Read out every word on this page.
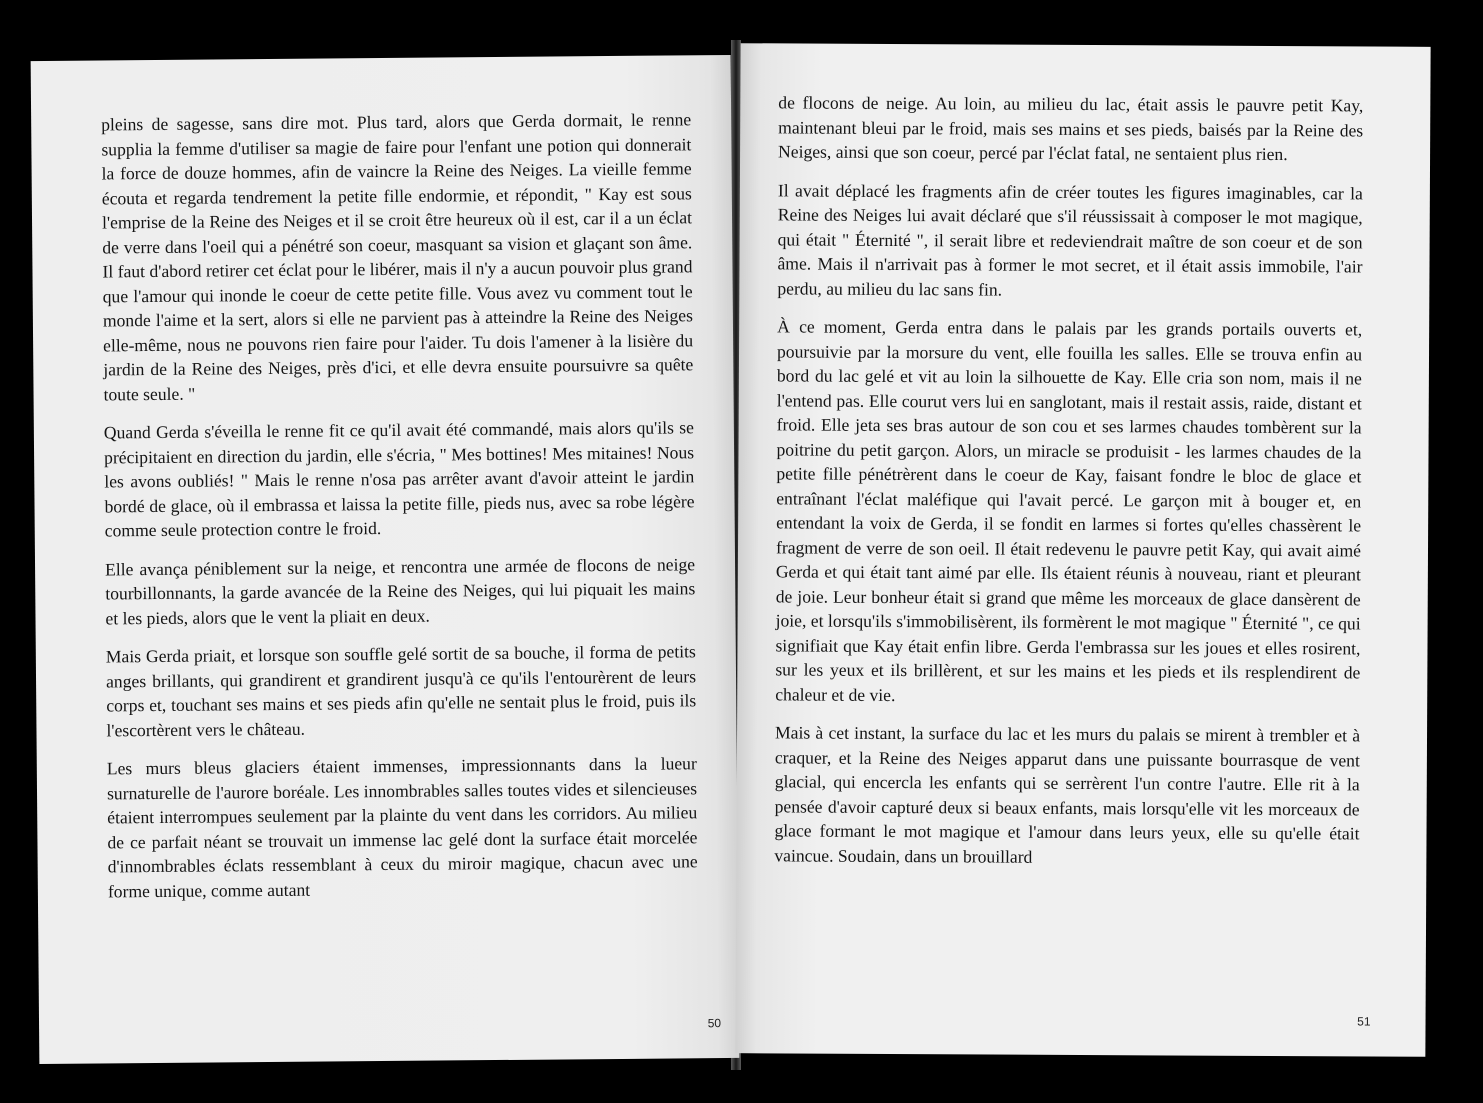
pleins de sagesse, sans dire mot. Plus tard, alors que Gerda dormait, le renne supplia la femme d'utiliser sa magie de faire pour l'enfant une potion qui donnerait la force de douze hommes, afin de vaincre la Reine des Neiges. La vieille femme écouta et regarda tendrement la petite fille endormie, et répondit, " Kay est sous l'emprise de la Reine des Neiges et il se croit être heureux où il est, car il a un éclat de verre dans l'oeil qui a pénétré son coeur, masquant sa vision et glaçant son âme. Il faut d'abord retirer cet éclat pour le libérer, mais il n'y a aucun pouvoir plus grand que l'amour qui inonde le coeur de cette petite fille. Vous avez vu comment tout le monde l'aime et la sert, alors si elle ne parvient pas à atteindre la Reine des Neiges elle-même, nous ne pouvons rien faire pour l'aider. Tu dois l'amener à la lisière du jardin de la Reine des Neiges, près d'ici, et elle devra ensuite poursuivre sa quête toute seule. "

Quand Gerda s'éveilla le renne fit ce qu'il avait été commandé, mais alors qu'ils se précipitaient en direction du jardin, elle s'écria, " Mes bottines! Mes mitaines! Nous les avons oubliés! " Mais le renne n'osa pas arrêter avant d'avoir atteint le jardin bordé de glace, où il embrassa et laissa la petite fille, pieds nus, avec sa robe légère comme seule protection contre le froid.

Elle avança péniblement sur la neige, et rencontra une armée de flocons de neige tourbillonnants, la garde avancée de la Reine des Neiges, qui lui piquait les mains et les pieds, alors que le vent la pliait en deux.

Mais Gerda priait, et lorsque son souffle gelé sortit de sa bouche, il forma de petits anges brillants, qui grandirent et grandirent jusqu'à ce qu'ils l'entourèrent de leurs corps et, touchant ses mains et ses pieds afin qu'elle ne sentait plus le froid, puis ils l'escortèrent vers le château.

Les murs bleus glaciers étaient immenses, impressionnants dans la lueur surnaturelle de l'aurore boréale. Les innombrables salles toutes vides et silencieuses étaient interrompues seulement par la plainte du vent dans les corridors. Au milieu de ce parfait néant se trouvait un immense lac gelé dont la surface était morcelée d'innombrables éclats ressemblant à ceux du miroir magique, chacun avec une forme unique, comme autant

50

de flocons de neige. Au loin, au milieu du lac, était assis le pauvre petit Kay, maintenant bleui par le froid, mais ses mains et ses pieds, baisés par la Reine des Neiges, ainsi que son coeur, percé par l'éclat fatal, ne sentaient plus rien.

Il avait déplacé les fragments afin de créer toutes les figures imaginables, car la Reine des Neiges lui avait déclaré que s'il réussissait à composer le mot magique, qui était " Éternité ", il serait libre et redeviendrait maître de son coeur et de son âme. Mais il n'arrivait pas à former le mot secret, et il était assis immobile, l'air perdu, au milieu du lac sans fin.

À ce moment, Gerda entra dans le palais par les grands portails ouverts et, poursuivie par la morsure du vent, elle fouilla les salles. Elle se trouva enfin au bord du lac gelé et vit au loin la silhouette de Kay. Elle cria son nom, mais il ne l'entend pas. Elle courut vers lui en sanglotant, mais il restait assis, raide, distant et froid. Elle jeta ses bras autour de son cou et ses larmes chaudes tombèrent sur la poitrine du petit garçon. Alors, un miracle se produisit - les larmes chaudes de la petite fille pénétrèrent dans le coeur de Kay, faisant fondre le bloc de glace et entraînant l'éclat maléfique qui l'avait percé. Le garçon mit à bouger et, en entendant la voix de Gerda, il se fondit en larmes si fortes qu'elles chassèrent le fragment de verre de son oeil. Il était redevenu le pauvre petit Kay, qui avait aimé Gerda et qui était tant aimé par elle. Ils étaient réunis à nouveau, riant et pleurant de joie. Leur bonheur était si grand que même les morceaux de glace dansèrent de joie, et lorsqu'ils s'immobilisèrent, ils formèrent le mot magique " Éternité ", ce qui signifiait que Kay était enfin libre. Gerda l'embrassa sur les joues et elles rosirent, sur les yeux et ils brillèrent, et sur les mains et les pieds et ils resplendirent de chaleur et de vie.

Mais à cet instant, la surface du lac et les murs du palais se mirent à trembler et à craquer, et la Reine des Neiges apparut dans une puissante bourrasque de vent glacial, qui encercla les enfants qui se serrèrent l'un contre l'autre. Elle rit à la pensée d'avoir capturé deux si beaux enfants, mais lorsqu'elle vit les morceaux de glace formant le mot magique et l'amour dans leurs yeux, elle su qu'elle était vaincue. Soudain, dans un brouillard

51
